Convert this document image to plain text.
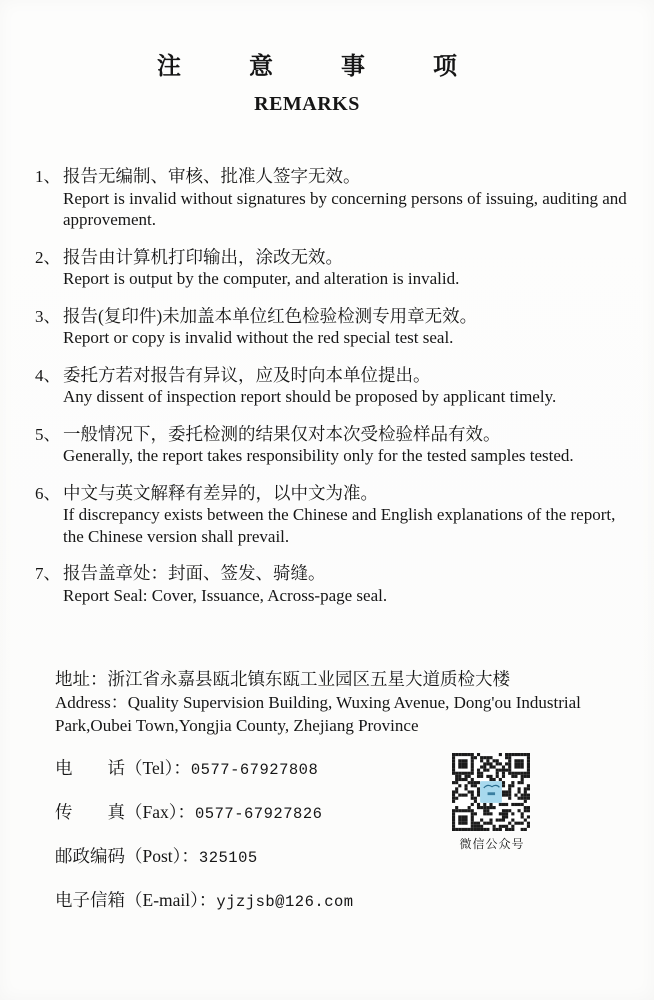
注　意　事　项
REMARKS
1、 报告无编制、审核、批准人签字无效。
Report is invalid without signatures by concerning persons of issuing, auditing and approvement.
2、 报告由计算机打印输出，涂改无效。
Report is output by the computer, and alteration is invalid.
3、 报告(复印件)未加盖本单位红色检验检测专用章无效。
Report or copy is invalid without the red special test seal.
4、 委托方若对报告有异议，应及时向本单位提出。
Any dissent of inspection report should be proposed by applicant timely.
5、 一般情况下，委托检测的结果仅对本次受检验样品有效。
Generally, the report takes responsibility only for the tested samples tested.
6、 中文与英文解释有差异的，以中文为准。
If discrepancy exists between the Chinese and English explanations of the report, the Chinese version shall prevail.
7、 报告盖章处：封面、签发、骑缝。
Report Seal: Cover, Issuance, Across-page seal.
地址：浙江省永嘉县瓯北镇东瓯工业园区五星大道质检大楼
Address：Quality Supervision Building, Wuxing Avenue, Dong'ou Industrial Park,Oubei Town,Yongjia County, Zhejiang Province
电　　话（Tel）：0577-67927808
传　　真（Fax）：0577-67927826
邮政编码（Post）：325105
电子信箱（E-mail）：yjzjsb@126.com
微信公众号
